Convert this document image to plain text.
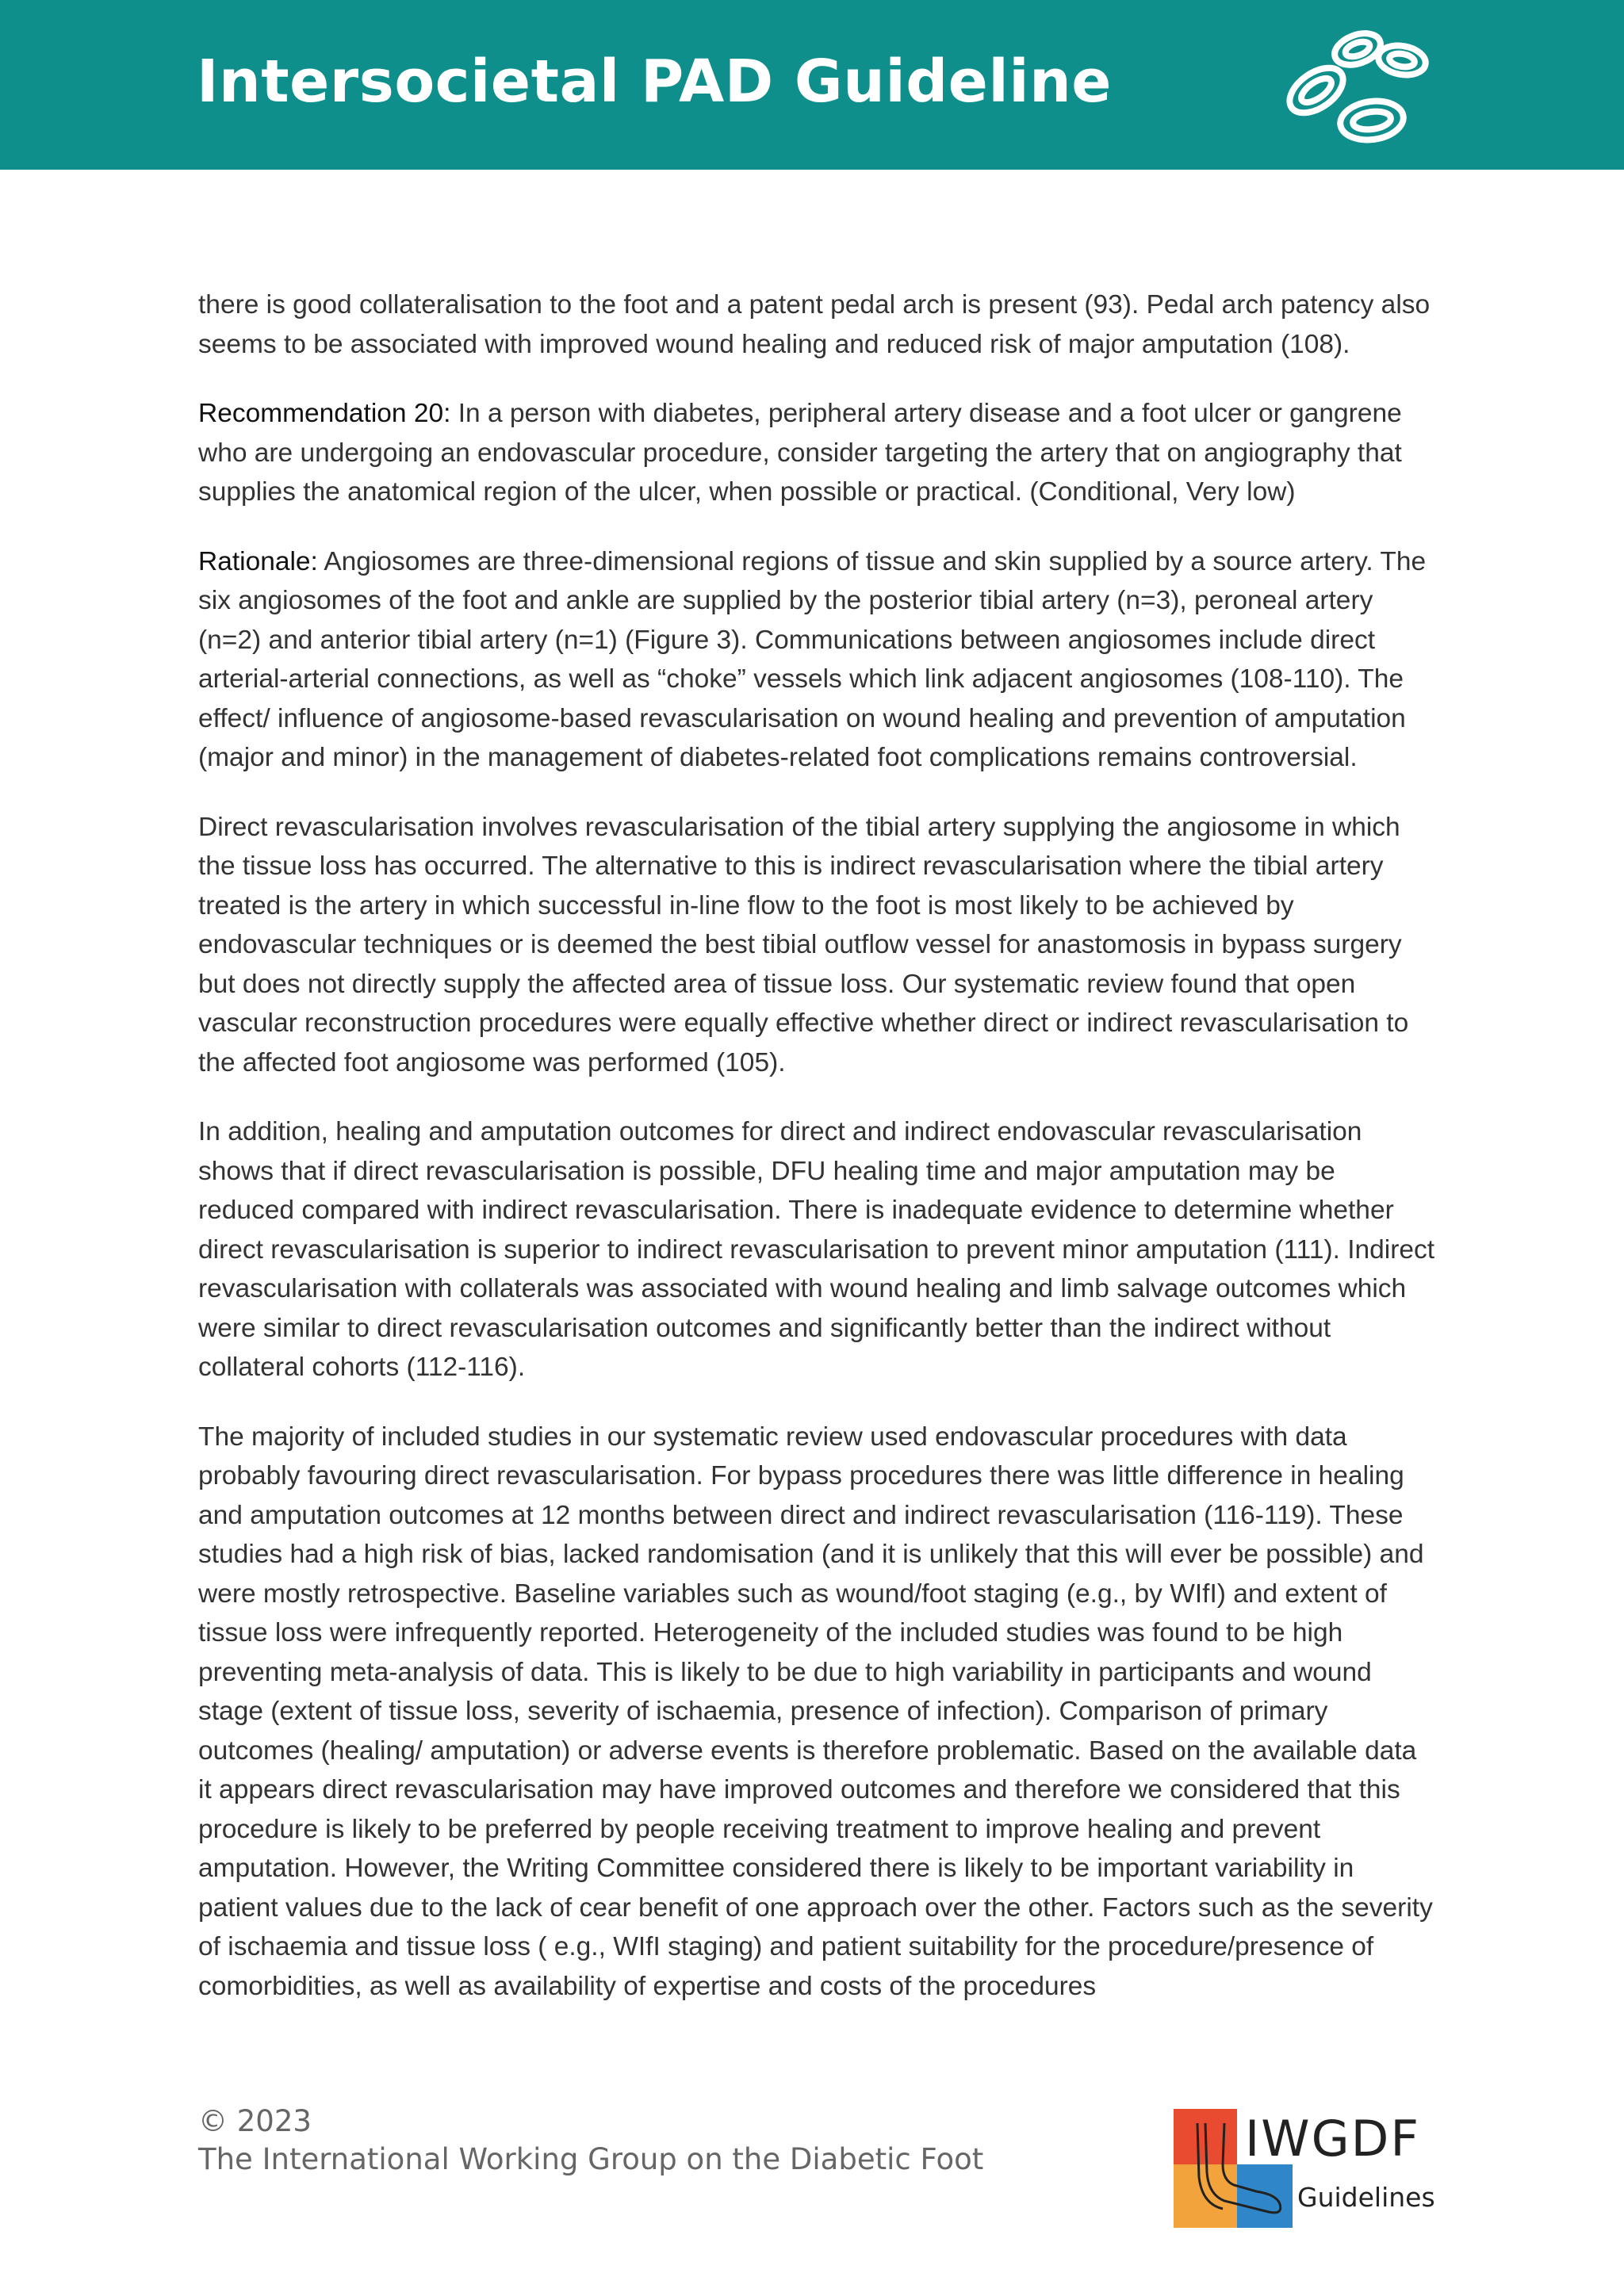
Intersocietal PAD Guideline

there is good collateralisation to the foot and a patent pedal arch is present (93). Pedal arch patency also seems to be associated with improved wound healing and reduced risk of major amputation (108).

Recommendation 20: In a person with diabetes, peripheral artery disease and a foot ulcer or gangrene who are undergoing an endovascular procedure, consider targeting the artery that on angiography that supplies the anatomical region of the ulcer, when possible or practical. (Conditional, Very low)

Rationale: Angiosomes are three-dimensional regions of tissue and skin supplied by a source artery. The six angiosomes of the foot and ankle are supplied by the posterior tibial artery (n=3), peroneal artery (n=2) and anterior tibial artery (n=1) (Figure 3). Communications between angiosomes include direct arterial-arterial connections, as well as “choke” vessels which link adjacent angiosomes (108-110). The effect/ influence of angiosome-based revascularisation on wound healing and prevention of amputation (major and minor) in the management of diabetes-related foot complications remains controversial.

Direct revascularisation involves revascularisation of the tibial artery supplying the angiosome in which the tissue loss has occurred. The alternative to this is indirect revascularisation where the tibial artery treated is the artery in which successful in-line flow to the foot is most likely to be achieved by endovascular techniques or is deemed the best tibial outflow vessel for anastomosis in bypass surgery but does not directly supply the affected area of tissue loss. Our systematic review found that open vascular reconstruction procedures were equally effective whether direct or indirect revascularisation to the affected foot angiosome was performed (105).

In addition, healing and amputation outcomes for direct and indirect endovascular revascularisation shows that if direct revascularisation is possible, DFU healing time and major amputation may be reduced compared with indirect revascularisation. There is inadequate evidence to determine whether direct revascularisation is superior to indirect revascularisation to prevent minor amputation (111). Indirect revascularisation with collaterals was associated with wound healing and limb salvage outcomes which were similar to direct revascularisation outcomes and significantly better than the indirect without collateral cohorts (112-116).

The majority of included studies in our systematic review used endovascular procedures with data probably favouring direct revascularisation. For bypass procedures there was little difference in healing and amputation outcomes at 12 months between direct and indirect revascularisation (116-119). These studies had a high risk of bias, lacked randomisation (and it is unlikely that this will ever be possible) and were mostly retrospective. Baseline variables such as wound/foot staging (e.g., by WIfI) and extent of tissue loss were infrequently reported. Heterogeneity of the included studies was found to be high preventing meta-analysis of data. This is likely to be due to high variability in participants and wound stage (extent of tissue loss, severity of ischaemia, presence of infection). Comparison of primary outcomes (healing/ amputation) or adverse events is therefore problematic. Based on the available data it appears direct revascularisation may have improved outcomes and therefore we considered that this procedure is likely to be preferred by people receiving treatment to improve healing and prevent amputation. However, the Writing Committee considered there is likely to be important variability in patient values due to the lack of cear benefit of one approach over the other. Factors such as the severity of ischaemia and tissue loss ( e.g., WIfI staging) and patient suitability for the procedure/presence of comorbidities, as well as availability of expertise and costs of the procedures

© 2023
The International Working Group on the Diabetic Foot	IWGDF
Guidelines
